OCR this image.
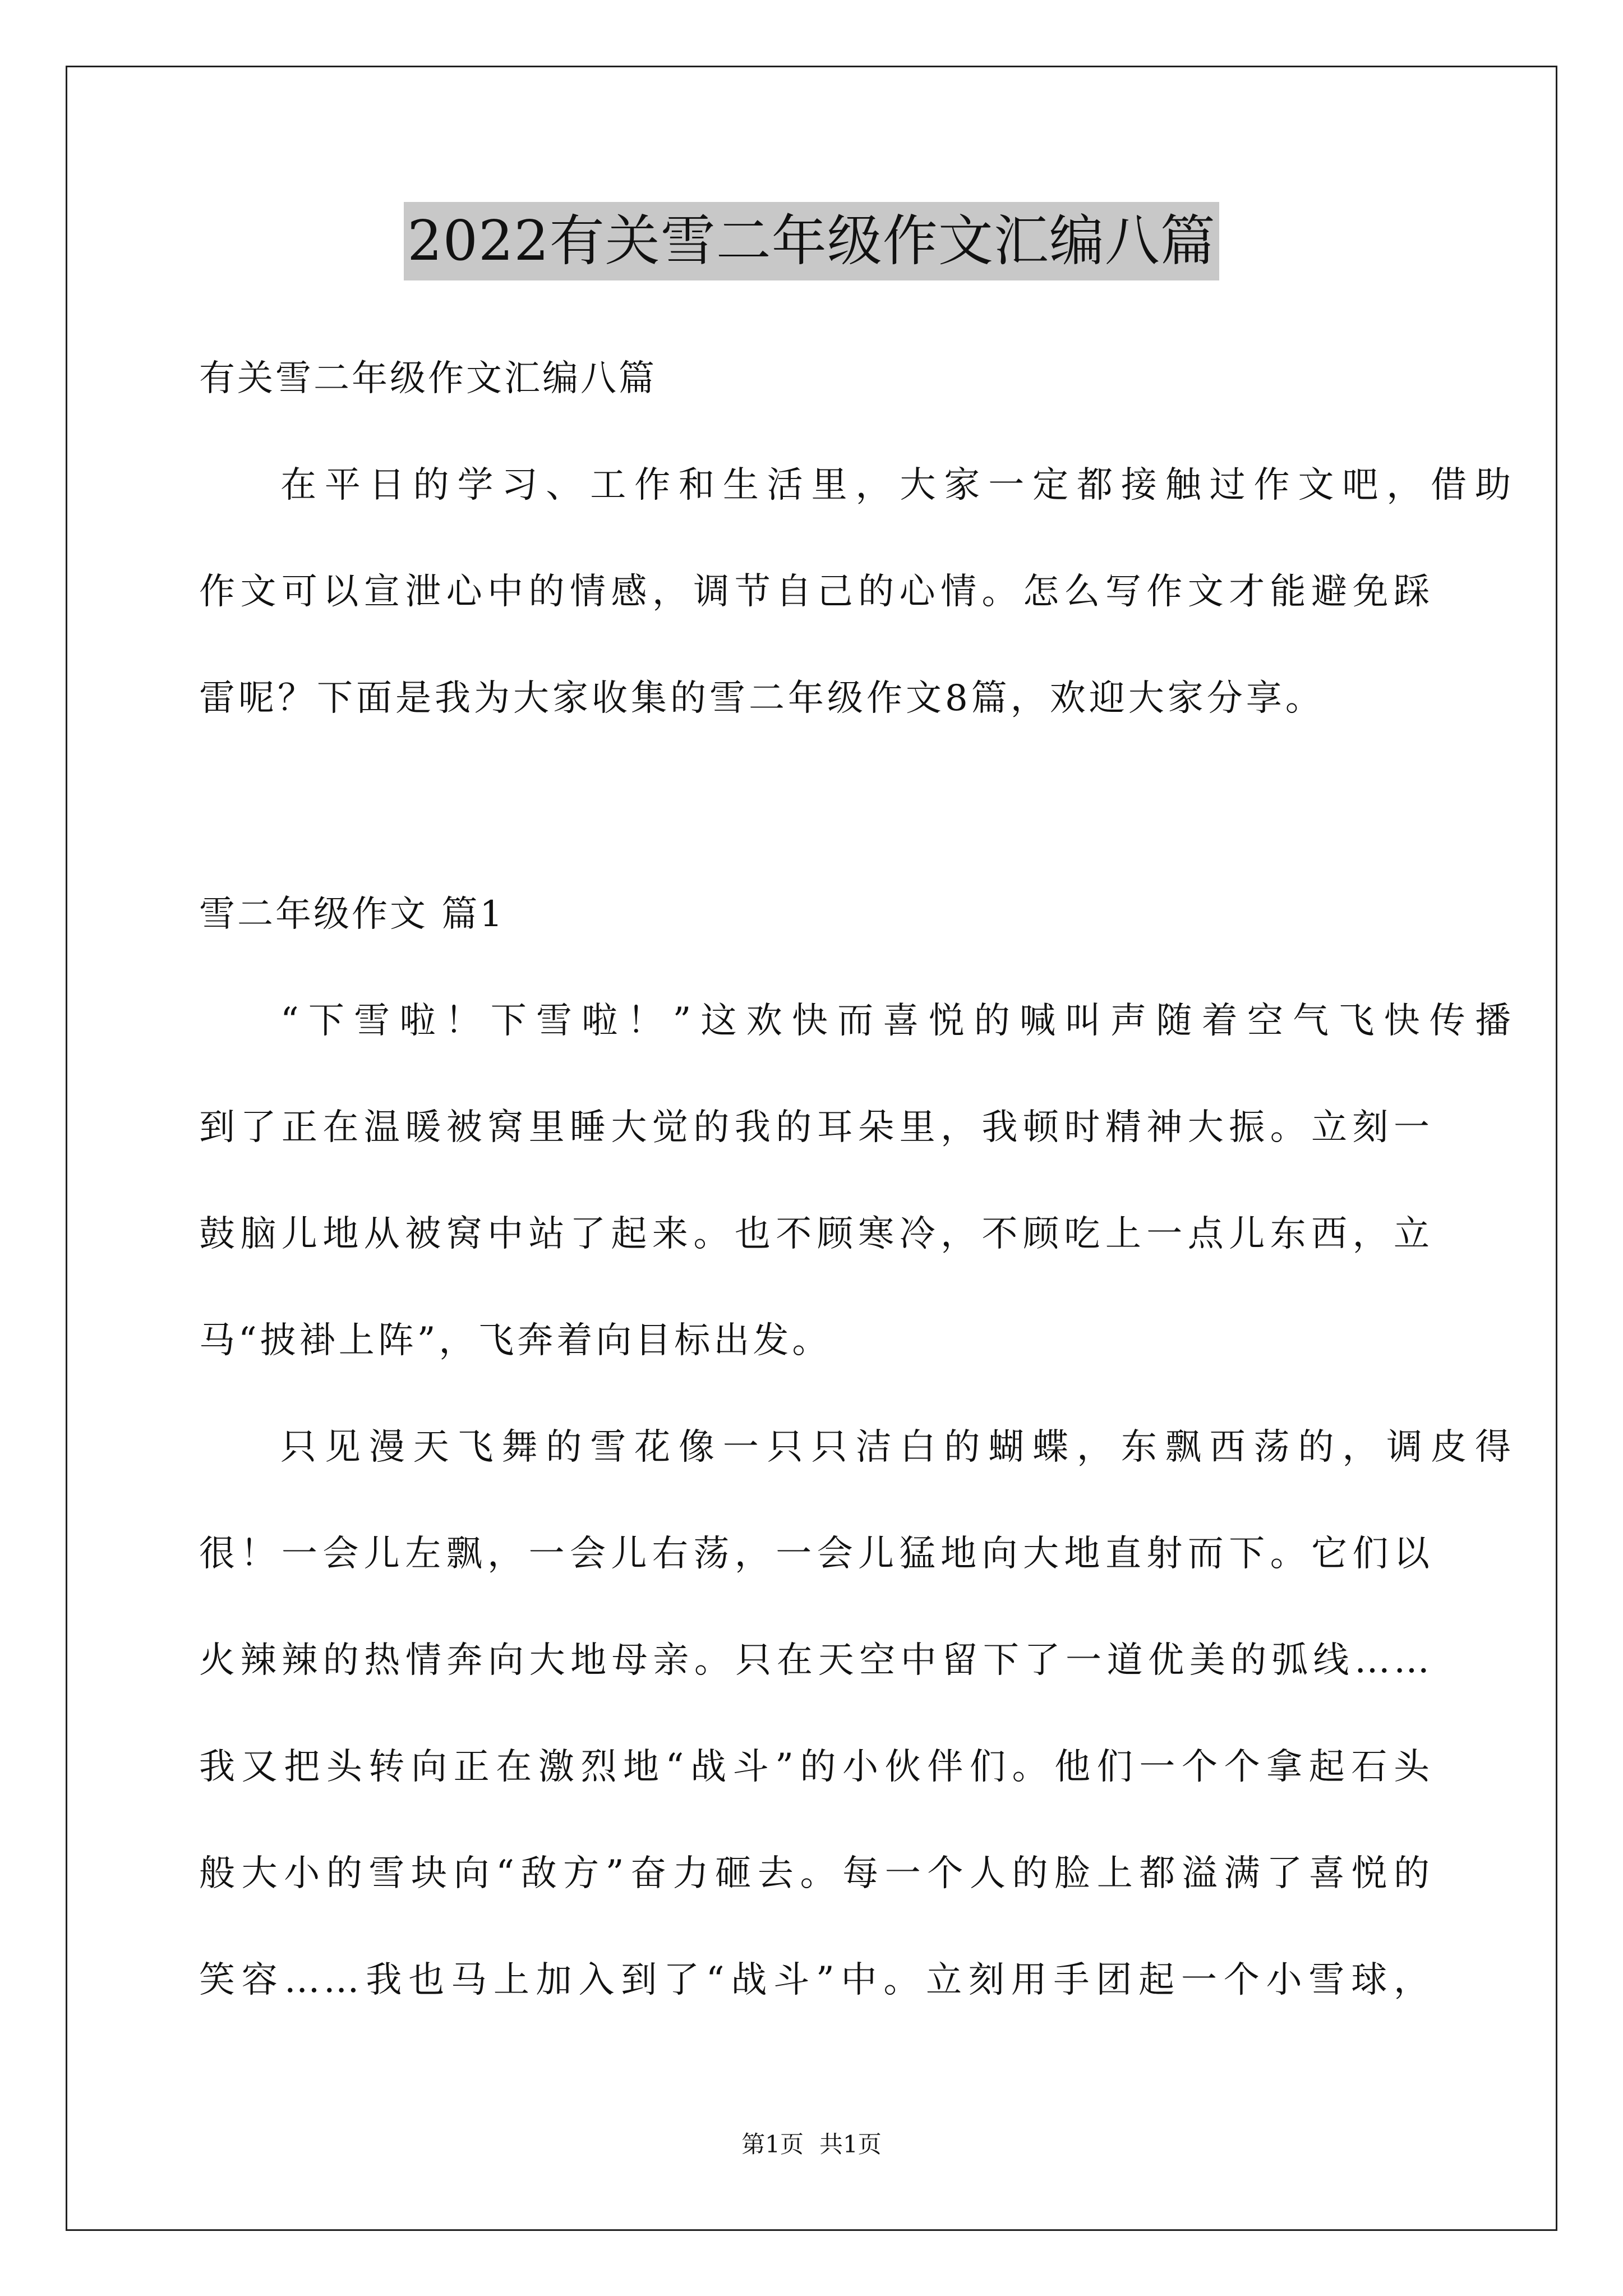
2022有关雪二年级作文汇编八篇
有关雪二年级作文汇编八篇
在平日的学习、工作和生活里，大家一定都接触过作文吧，借助
作文可以宣泄心中的情感，调节自己的心情。怎么写作文才能避免踩
雷呢？下面是我为大家收集的雪二年级作文8篇，欢迎大家分享。
雪二年级作文 篇1
“下雪啦！下雪啦！”这欢快而喜悦的喊叫声随着空气飞快传播
到了正在温暖被窝里睡大觉的我的耳朵里，我顿时精神大振。立刻一
鼓脑儿地从被窝中站了起来。也不顾寒冷，不顾吃上一点儿东西，立
马“披褂上阵”，飞奔着向目标出发。
只见漫天飞舞的雪花像一只只洁白的蝴蝶，东飘西荡的，调皮得
很！一会儿左飘，一会儿右荡，一会儿猛地向大地直射而下。它们以
火辣辣的热情奔向大地母亲。只在天空中留下了一道优美的弧线……
我又把头转向正在激烈地“战斗”的小伙伴们。他们一个个拿起石头
般大小的雪块向“敌方”奋力砸去。每一个人的脸上都溢满了喜悦的
笑容……我也马上加入到了“战斗”中。立刻用手团起一个小雪球，
第1页 共1页
